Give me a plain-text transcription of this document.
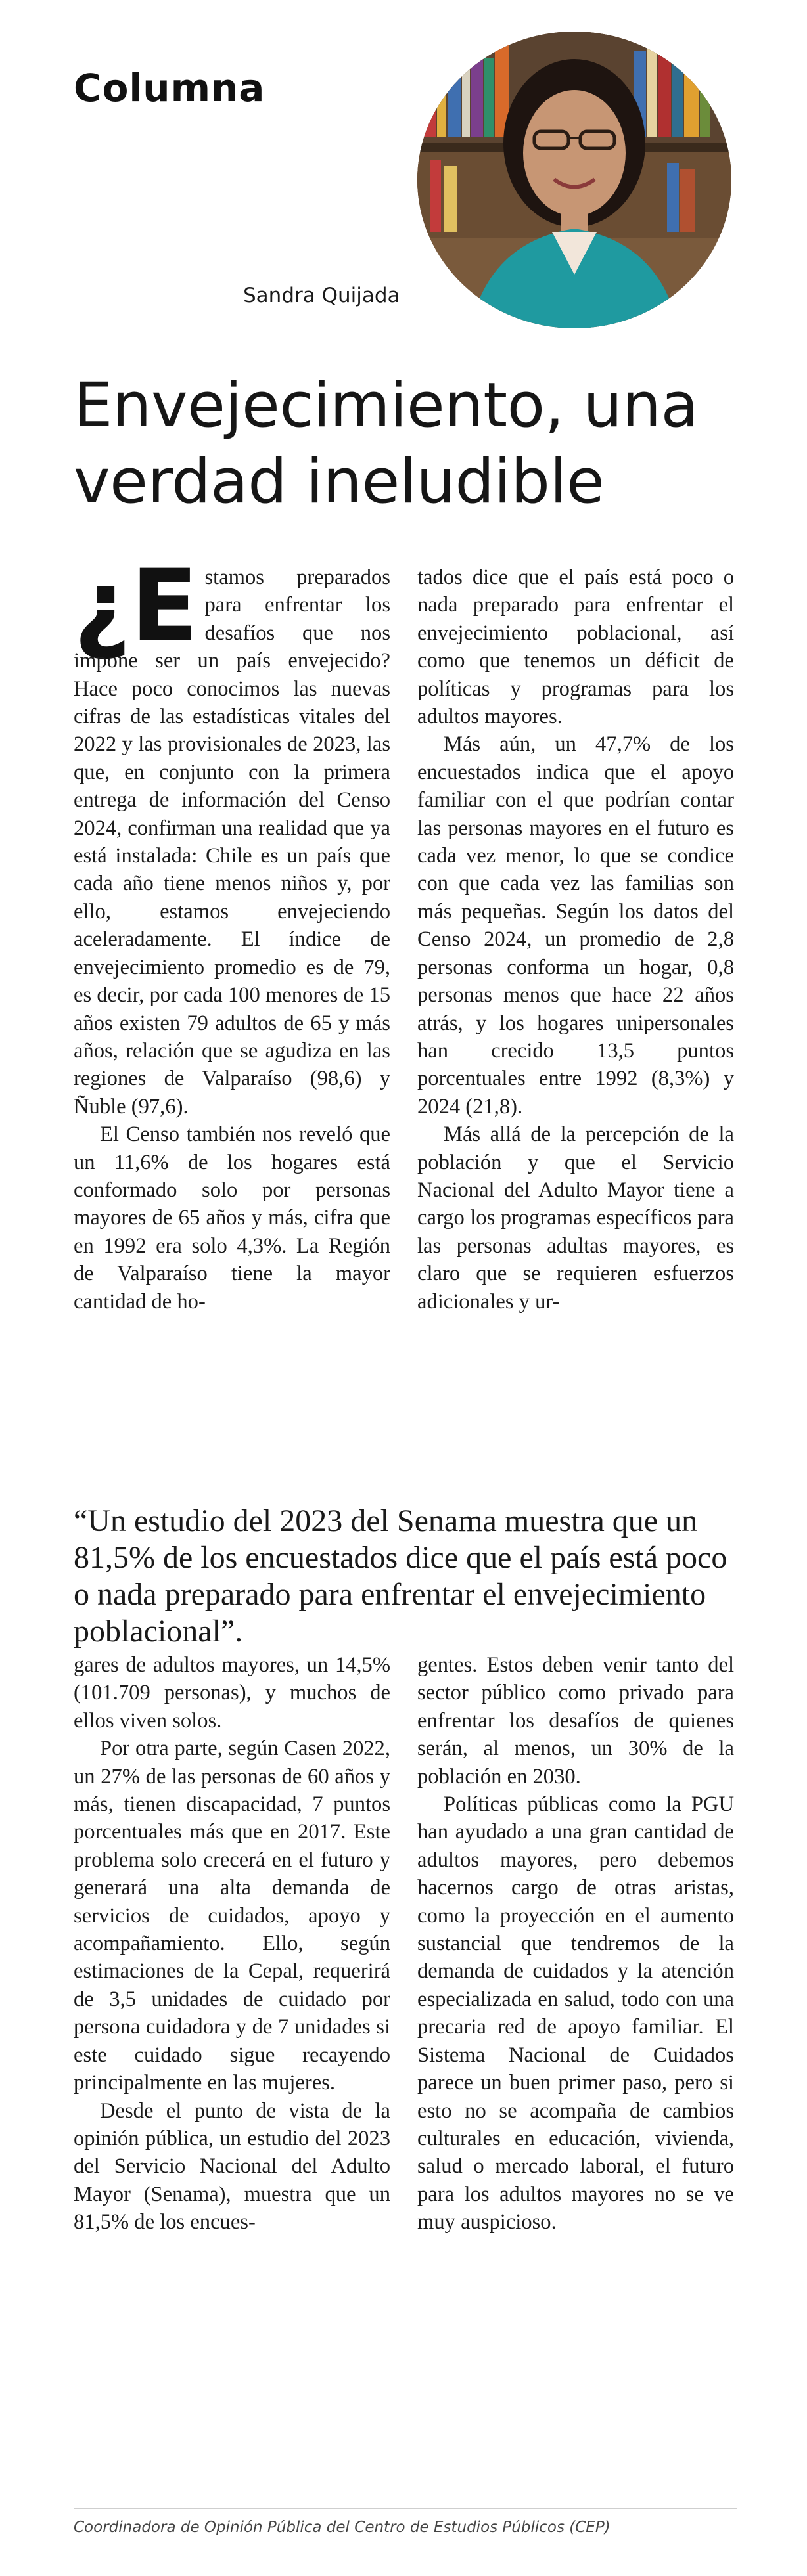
Columna
Sandra Quijada
Envejecimiento, una verdad ineludible

¿E stamos preparados para enfrentar los desafíos que nos impone ser un país envejecido? Hace poco conocimos las nuevas cifras de las estadísticas vitales del 2022 y las provisionales de 2023, las que, en conjunto con la primera entrega de información del Censo 2024, confirman una realidad que ya está instalada: Chile es un país que cada año tiene menos niños y, por ello, estamos envejeciendo aceleradamente. El índice de envejecimiento promedio es de 79, es decir, por cada 100 menores de 15 años existen 79 adultos de 65 y más años, relación que se agudiza en las regiones de Valparaíso (98,6) y Ñuble (97,6).

El Censo también nos reveló que un 11,6% de los hogares está conformado solo por personas mayores de 65 años y más, cifra que en 1992 era solo 4,3%. La Región de Valparaíso tiene la mayor cantidad de ho-

tados dice que el país está poco o nada preparado para enfrentar el envejecimiento poblacional, así como que tenemos un déficit de políticas y programas para los adultos mayores.

Más aún, un 47,7% de los encuestados indica que el apoyo familiar con el que podrían contar las personas mayores en el futuro es cada vez menor, lo que se condice con que cada vez las familias son más pequeñas. Según los datos del Censo 2024, un promedio de 2,8 personas conforma un hogar, 0,8 personas menos que hace 22 años atrás, y los hogares unipersonales han crecido 13,5 puntos porcentuales entre 1992 (8,3%) y 2024 (21,8).

Más allá de la percepción de la población y que el Servicio Nacional del Adulto Mayor tiene a cargo los programas específicos para las personas adultas mayores, es claro que se requieren esfuerzos adicionales y ur-

“Un estudio del 2023 del Senama muestra que un 81,5% de los encuestados dice que el país está poco o nada preparado para enfrentar el envejecimiento poblacional”.

gares de adultos mayores, un 14,5% (101.709 personas), y muchos de ellos viven solos.

Por otra parte, según Casen 2022, un 27% de las personas de 60 años y más, tienen discapacidad, 7 puntos porcentuales más que en 2017. Este problema solo crecerá en el futuro y generará una alta demanda de servicios de cuidados, apoyo y acompañamiento. Ello, según estimaciones de la Cepal, requerirá de 3,5 unidades de cuidado por persona cuidadora y de 7 unidades si este cuidado sigue recayendo principalmente en las mujeres.

Desde el punto de vista de la opinión pública, un estudio del 2023 del Servicio Nacional del Adulto Mayor (Senama), muestra que un 81,5% de los encues-

gentes. Estos deben venir tanto del sector público como privado para enfrentar los desafíos de quienes serán, al menos, un 30% de la población en 2030.

Políticas públicas como la PGU han ayudado a una gran cantidad de adultos mayores, pero debemos hacernos cargo de otras aristas, como la proyección en el aumento sustancial que tendremos de la demanda de cuidados y la atención especializada en salud, todo con una precaria red de apoyo familiar. El Sistema Nacional de Cuidados parece un buen primer paso, pero si esto no se acompaña de cambios culturales en educación, vivienda, salud o mercado laboral, el futuro para los adultos mayores no se ve muy auspicioso.

Coordinadora de Opinión Pública del Centro de Estudios Públicos (CEP)
